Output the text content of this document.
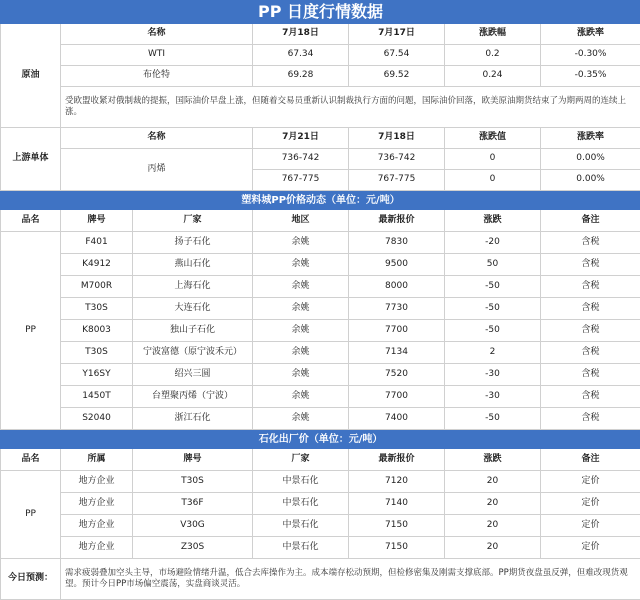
PP 日度行情数据							
原油	名称		7月18日	7月17日	涨跌幅	涨跌率	
	WTI		67.34	67.54	0.2	-0.30%	
	布伦特		69.28	69.52	0.24	-0.35%	
	受欧盟收紧对俄制裁的提振，国际油价早盘上涨，但随着交易员重新认识制裁执行方面的问题，国际油价回落，欧美原油期货结束了为期两周的连续上涨。						
上游单体	名称		7月21日	7月18日	涨跌值	涨跌率	
	丙烯		736-742	736-742	0	0.00%	
			767-775	767-775	0	0.00%	
塑料城PP价格动态（单位：元/吨）							
品名	牌号	厂家	地区	最新报价	涨跌	备注	
PP	F401	扬子石化	余姚	7830	-20	含税	
	K4912	燕山石化	余姚	9500	50	含税	
	M700R	上海石化	余姚	8000	-50	含税	
	T30S	大连石化	余姚	7730	-50	含税	
	K8003	独山子石化	余姚	7700	-50	含税	
	T30S	宁波富德（原宁波禾元）	余姚	7134	2	含税	
	Y16SY	绍兴三圆	余姚	7520	-30	含税	
	1450T	台塑聚丙烯（宁波）	余姚	7700	-30	含税	
	S2040	浙江石化	余姚	7400	-50	含税	
石化出厂价（单位：元/吨）							
品名	所属	牌号	厂家	最新报价	涨跌	备注	
PP	地方企业	T30S	中景石化	7120	20	定价	
	地方企业	T36F	中景石化	7140	20	定价	
	地方企业	V30G	中景石化	7150	20	定价	
	地方企业	Z30S	中景石化	7150	20	定价	
今日预测：	需求疲弱叠加空头主导，市场避险情绪升温，低合去库操作为主。成本端存松动预期，但检修密集及刚需支撑底部。PP期货夜盘虽反弹，但难改现货观望。预计今日PP市场偏空震荡，实盘商谈灵活。						
